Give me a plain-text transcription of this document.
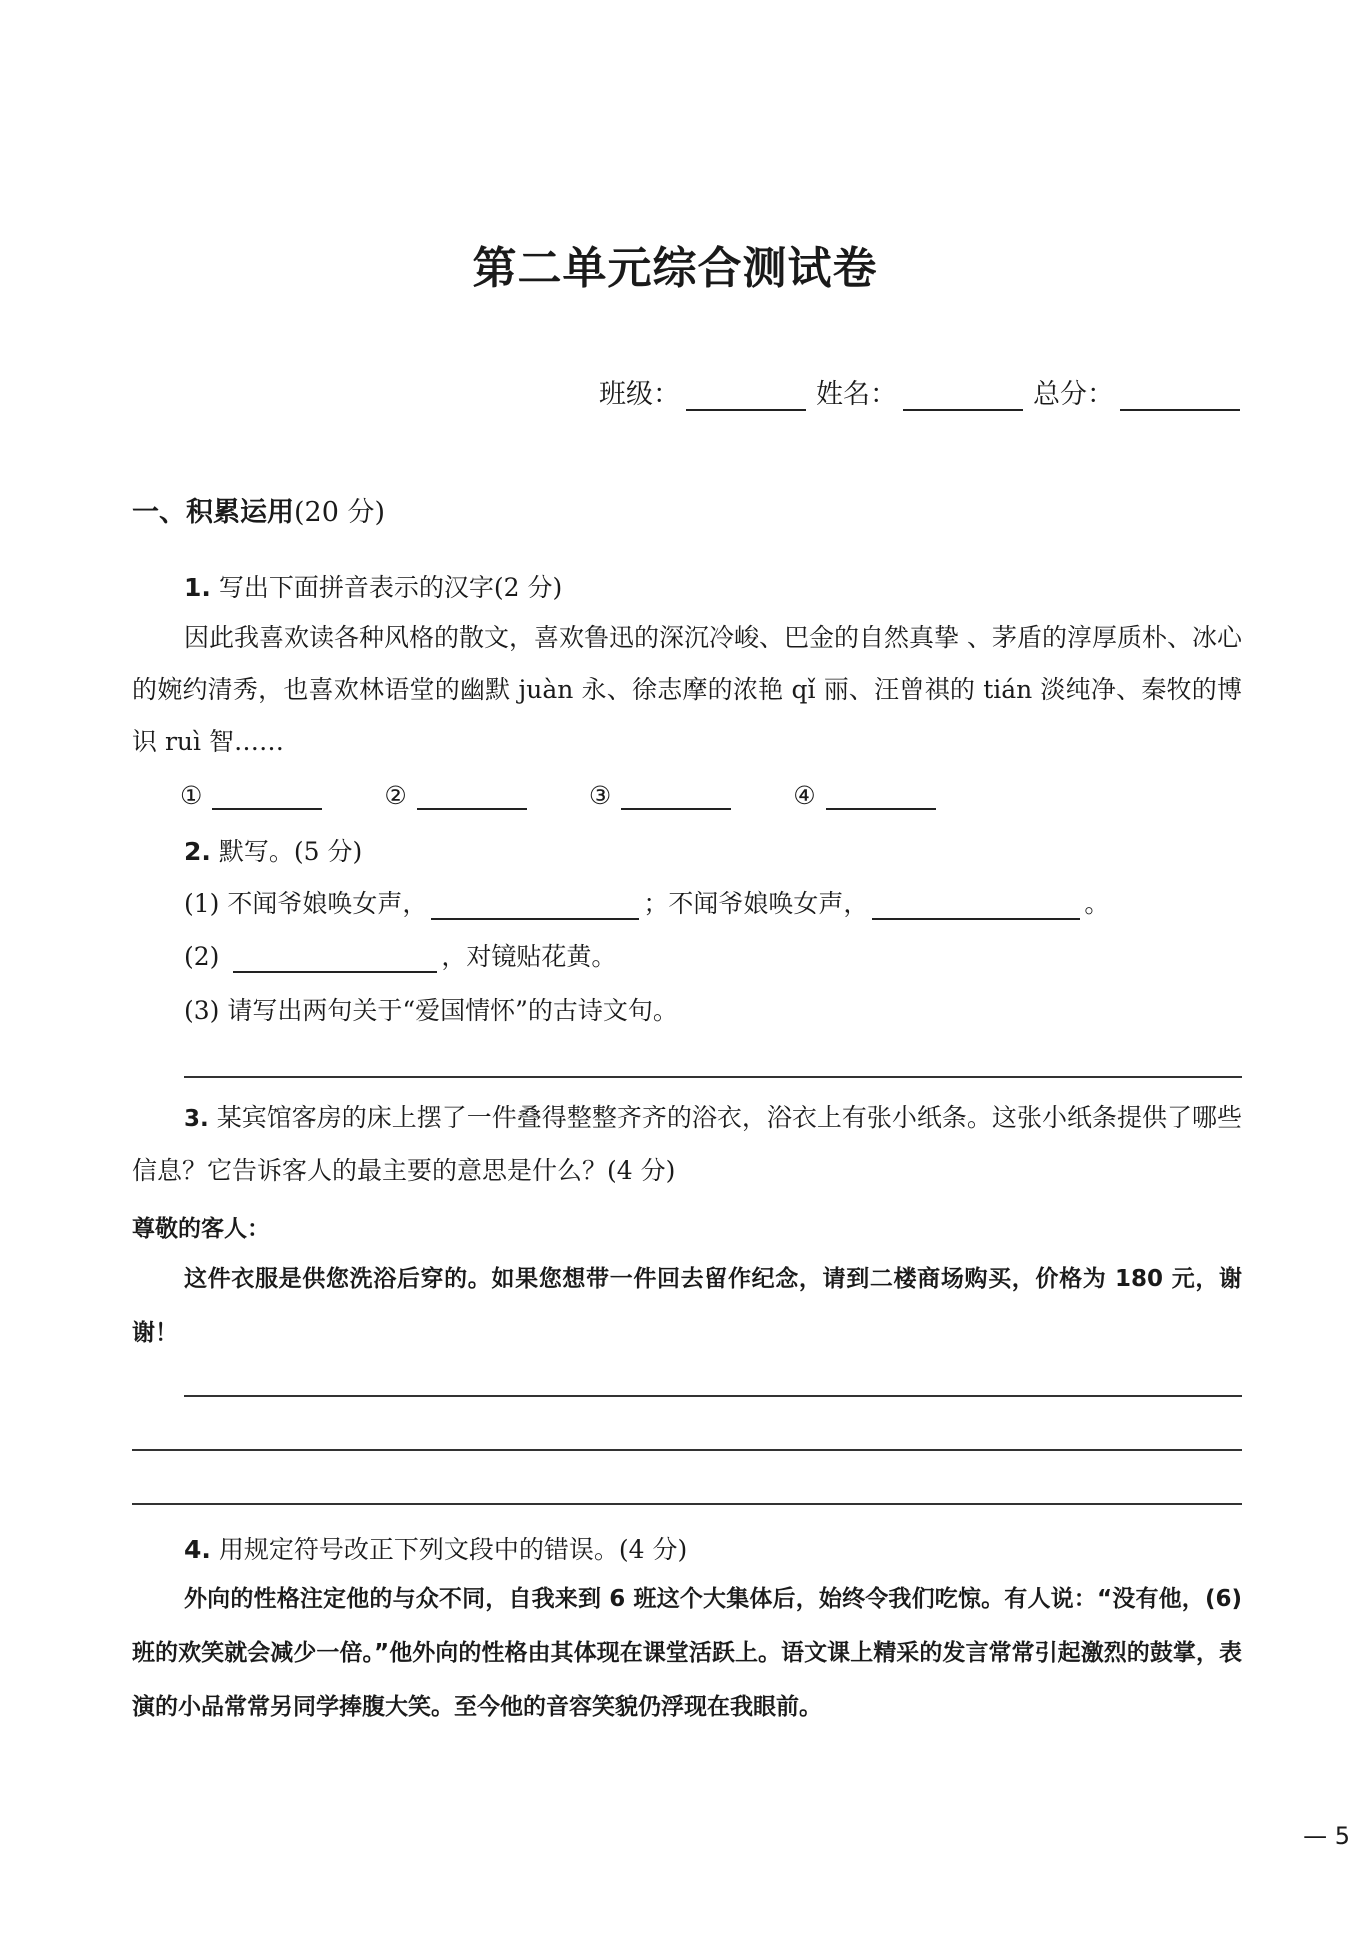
第二单元综合测试卷
班级：	姓名：	总分：
一、积累运用(20 分)
1. 写出下面拼音表示的汉字(2 分)
因此我喜欢读各种风格的散文，喜欢鲁迅的深沉冷峻、巴金的自然真挚 、茅盾的淳厚质朴、冰心的婉约清秀，也喜欢林语堂的幽默 juàn 永、徐志摩的浓艳 qǐ 丽、汪曾祺的 tián 淡纯净、秦牧的博识 ruì 智……
①	②	③	④
2. 默写。(5 分)
(1) 不闻爷娘唤女声，	；不闻爷娘唤女声，	。
(2)	，对镜贴花黄。
(3) 请写出两句关于“爱国情怀”的古诗文句。
3. 某宾馆客房的床上摆了一件叠得整整齐齐的浴衣，浴衣上有张小纸条。这张小纸条提供了哪些信息？它告诉客人的最主要的意思是什么？(4 分)
尊敬的客人：
这件衣服是供您洗浴后穿的。如果您想带一件回去留作纪念，请到二楼商场购买，价格为 180 元，谢谢！
4. 用规定符号改正下列文段中的错误。(4 分)
外向的性格注定他的与众不同，自我来到 6 班这个大集体后，始终令我们吃惊。有人说：“没有他，(6)班的欢笑就会减少一倍。”他外向的性格由其体现在课堂活跃上。语文课上精采的发言常常引起激烈的鼓掌，表演的小品常常另同学捧腹大笑。至今他的音容笑貌仍浮现在我眼前。
— 5
